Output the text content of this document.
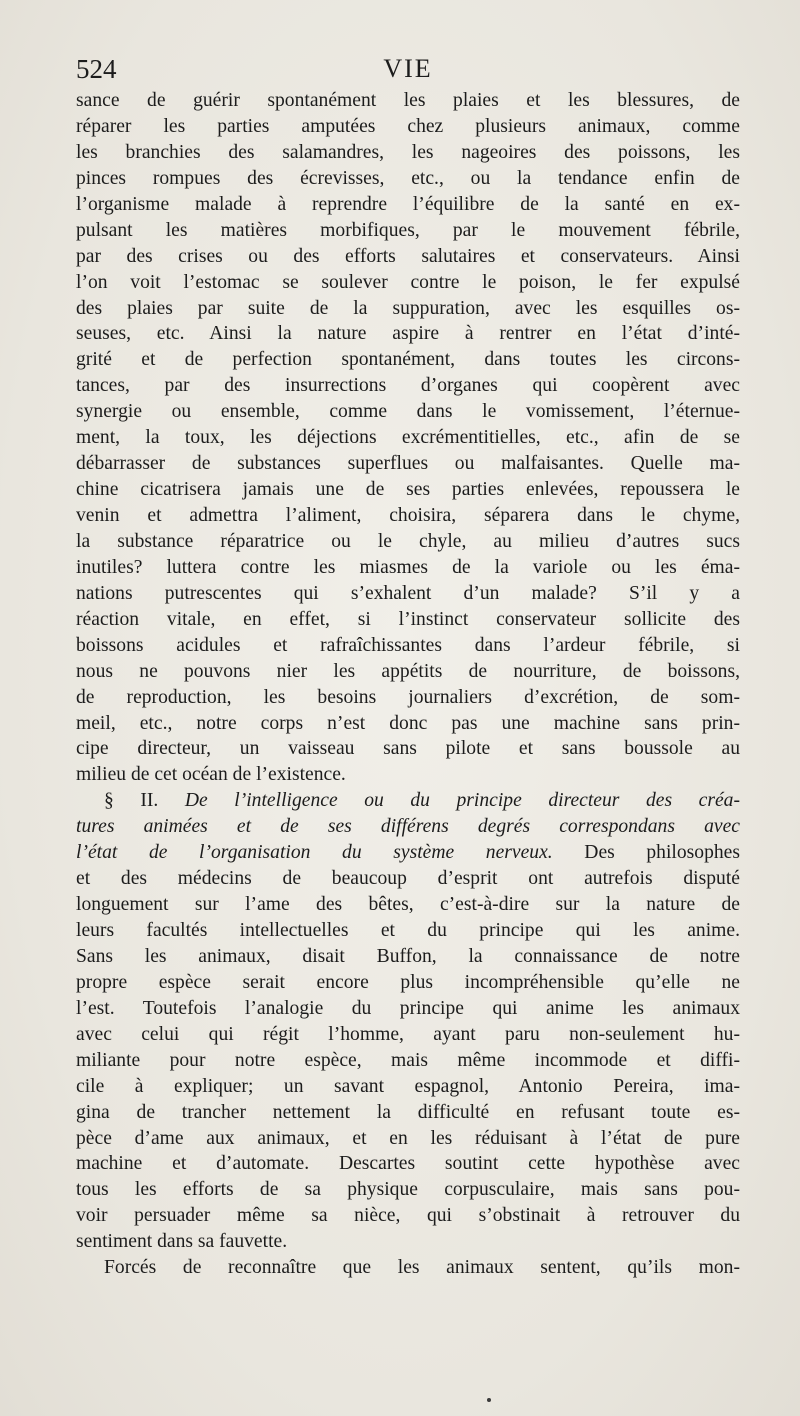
524	VIE
sance de guérir spontanément les plaies et les blessures, de
réparer les parties amputées chez plusieurs animaux, comme
les branchies des salamandres, les nageoires des poissons, les
pinces rompues des écrevisses, etc., ou la tendance enfin de
l’organisme malade à reprendre l’équilibre de la santé en ex-
pulsant les matières morbifiques, par le mouvement fébrile,
par des crises ou des efforts salutaires et conservateurs. Ainsi
l’on voit l’estomac se soulever contre le poison, le fer expulsé
des plaies par suite de la suppuration, avec les esquilles os-
seuses, etc. Ainsi la nature aspire à rentrer en l’état d’inté-
grité et de perfection spontanément, dans toutes les circons-
tances, par des insurrections d’organes qui coopèrent avec
synergie ou ensemble, comme dans le vomissement, l’éternue-
ment, la toux, les déjections excrémentitielles, etc., afin de se
débarrasser de substances superflues ou malfaisantes. Quelle ma-
chine cicatrisera jamais une de ses parties enlevées, repoussera le
venin et admettra l’aliment, choisira, séparera dans le chyme,
la substance réparatrice ou le chyle, au milieu d’autres sucs
inutiles? luttera contre les miasmes de la variole ou les éma-
nations putrescentes qui s’exhalent d’un malade? S’il y a
réaction vitale, en effet, si l’instinct conservateur sollicite des
boissons acidules et rafraîchissantes dans l’ardeur fébrile, si
nous ne pouvons nier les appétits de nourriture, de boissons,
de reproduction, les besoins journaliers d’excrétion, de som-
meil, etc., notre corps n’est donc pas une machine sans prin-
cipe directeur, un vaisseau sans pilote et sans boussole au
milieu de cet océan de l’existence.
§ II. De l’intelligence ou du principe directeur des créa-
tures animées et de ses différens degrés correspondans avec
l’état de l’organisation du système nerveux. Des philosophes
et des médecins de beaucoup d’esprit ont autrefois disputé
longuement sur l’ame des bêtes, c’est-à-dire sur la nature de
leurs facultés intellectuelles et du principe qui les anime.
Sans les animaux, disait Buffon, la connaissance de notre
propre espèce serait encore plus incompréhensible qu’elle ne
l’est. Toutefois l’analogie du principe qui anime les animaux
avec celui qui régit l’homme, ayant paru non-seulement hu-
miliante pour notre espèce, mais même incommode et diffi-
cile à expliquer; un savant espagnol, Antonio Pereira, ima-
gina de trancher nettement la difficulté en refusant toute es-
pèce d’ame aux animaux, et en les réduisant à l’état de pure
machine et d’automate. Descartes soutint cette hypothèse avec
tous les efforts de sa physique corpusculaire, mais sans pou-
voir persuader même sa nièce, qui s’obstinait à retrouver du
sentiment dans sa fauvette.
Forcés de reconnaître que les animaux sentent, qu’ils mon-
